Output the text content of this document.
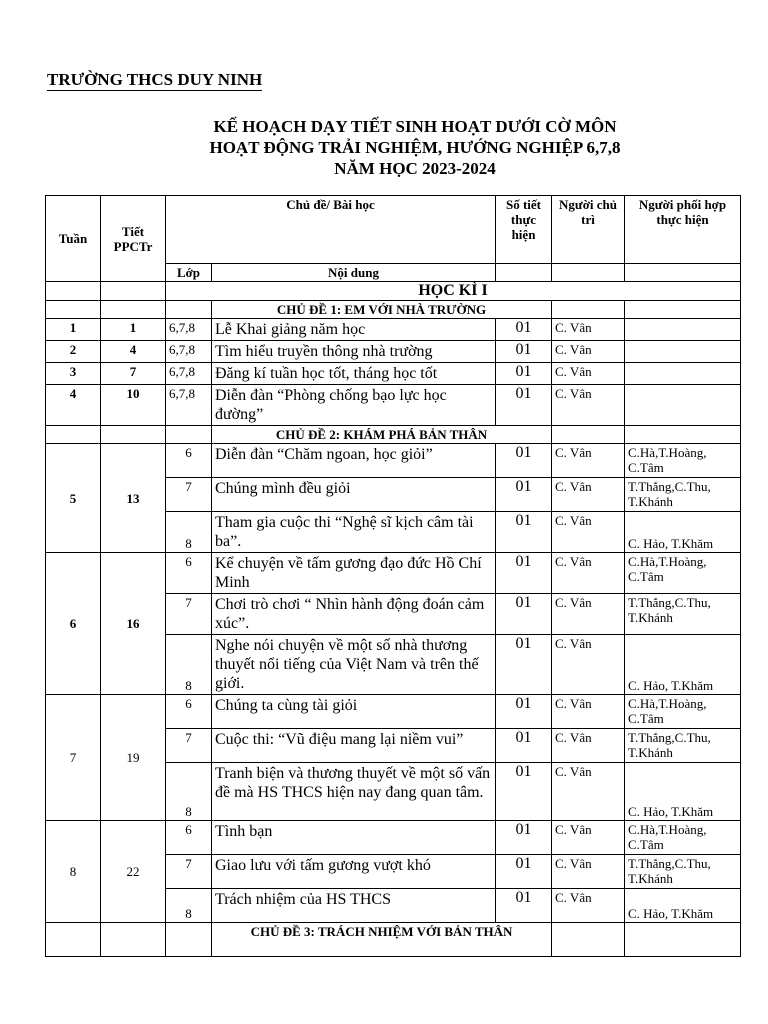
TRƯỜNG THCS DUY NINH
KẾ HOẠCH DẠY TIẾT SINH HOẠT DƯỚI CỜ MÔN
HOẠT ĐỘNG TRẢI NGHIỆM, HƯỚNG NGHIỆP 6,7,8
NĂM HỌC 2023-2024
Tuần	Tiết PPCTr	Chủ đề/ Bài học		Số tiết thực hiện	Người chủ trì	Người phối hợp thực hiện
		Lớp	Nội dung			
		HỌC KÌ I				
			CHỦ ĐỀ 1: EM VỚI NHÀ TRƯỜNG			
1	1	6,7,8	Lễ Khai giảng năm học	01	C. Vân	
2	4	6,7,8	Tìm hiểu truyền thông nhà trường	01	C. Vân	
3	7	6,7,8	Đăng kí tuần học tốt, tháng học tốt	01	C. Vân	
4	10	6,7,8	Diễn đàn “Phòng chống bạo lực học đường”	01	C. Vân	
			CHỦ ĐỀ 2: KHÁM PHÁ BẢN THÂN			
5	13	6	Diễn đàn “Chăm ngoan, học giỏi”	01	C. Vân	C.Hà,T.Hoàng, C.Tâm
		7	Chúng mình đều giỏi	01	C. Vân	T.Thắng,C.Thu, T.Khánh
		8	Tham gia cuộc thi “Nghệ sĩ kịch câm tài ba”.	01	C. Vân	C. Hảo, T.Khăm
6	16	6	Kể chuyện về tấm gương đạo đức Hồ Chí Minh	01	C. Vân	C.Hà,T.Hoàng, C.Tâm
		7	Chơi trò chơi “ Nhìn hành động đoán cảm xúc”.	01	C. Vân	T.Thắng,C.Thu, T.Khánh
		8	Nghe nói chuyện về một số nhà thương thuyết nổi tiếng của Việt Nam và trên thế giới.	01	C. Vân	C. Hảo, T.Khăm
7	19	6	Chúng ta cùng tài giỏi	01	C. Vân	C.Hà,T.Hoàng, C.Tâm
		7	Cuộc thi: “Vũ điệu mang lại niềm vui”	01	C. Vân	T.Thắng,C.Thu, T.Khánh
		8	Tranh biện và thương thuyết về một số vấn đề mà HS THCS hiện nay đang quan tâm.	01	C. Vân	C. Hảo, T.Khăm
8	22	6	Tình bạn	01	C. Vân	C.Hà,T.Hoàng, C.Tâm
		7	Giao lưu với tấm gương vượt khó	01	C. Vân	T.Thắng,C.Thu, T.Khánh
		8	Trách nhiệm của HS THCS	01	C. Vân	C. Hảo, T.Khăm
			CHỦ ĐỀ 3: TRÁCH NHIỆM VỚI BẢN THÂN			
